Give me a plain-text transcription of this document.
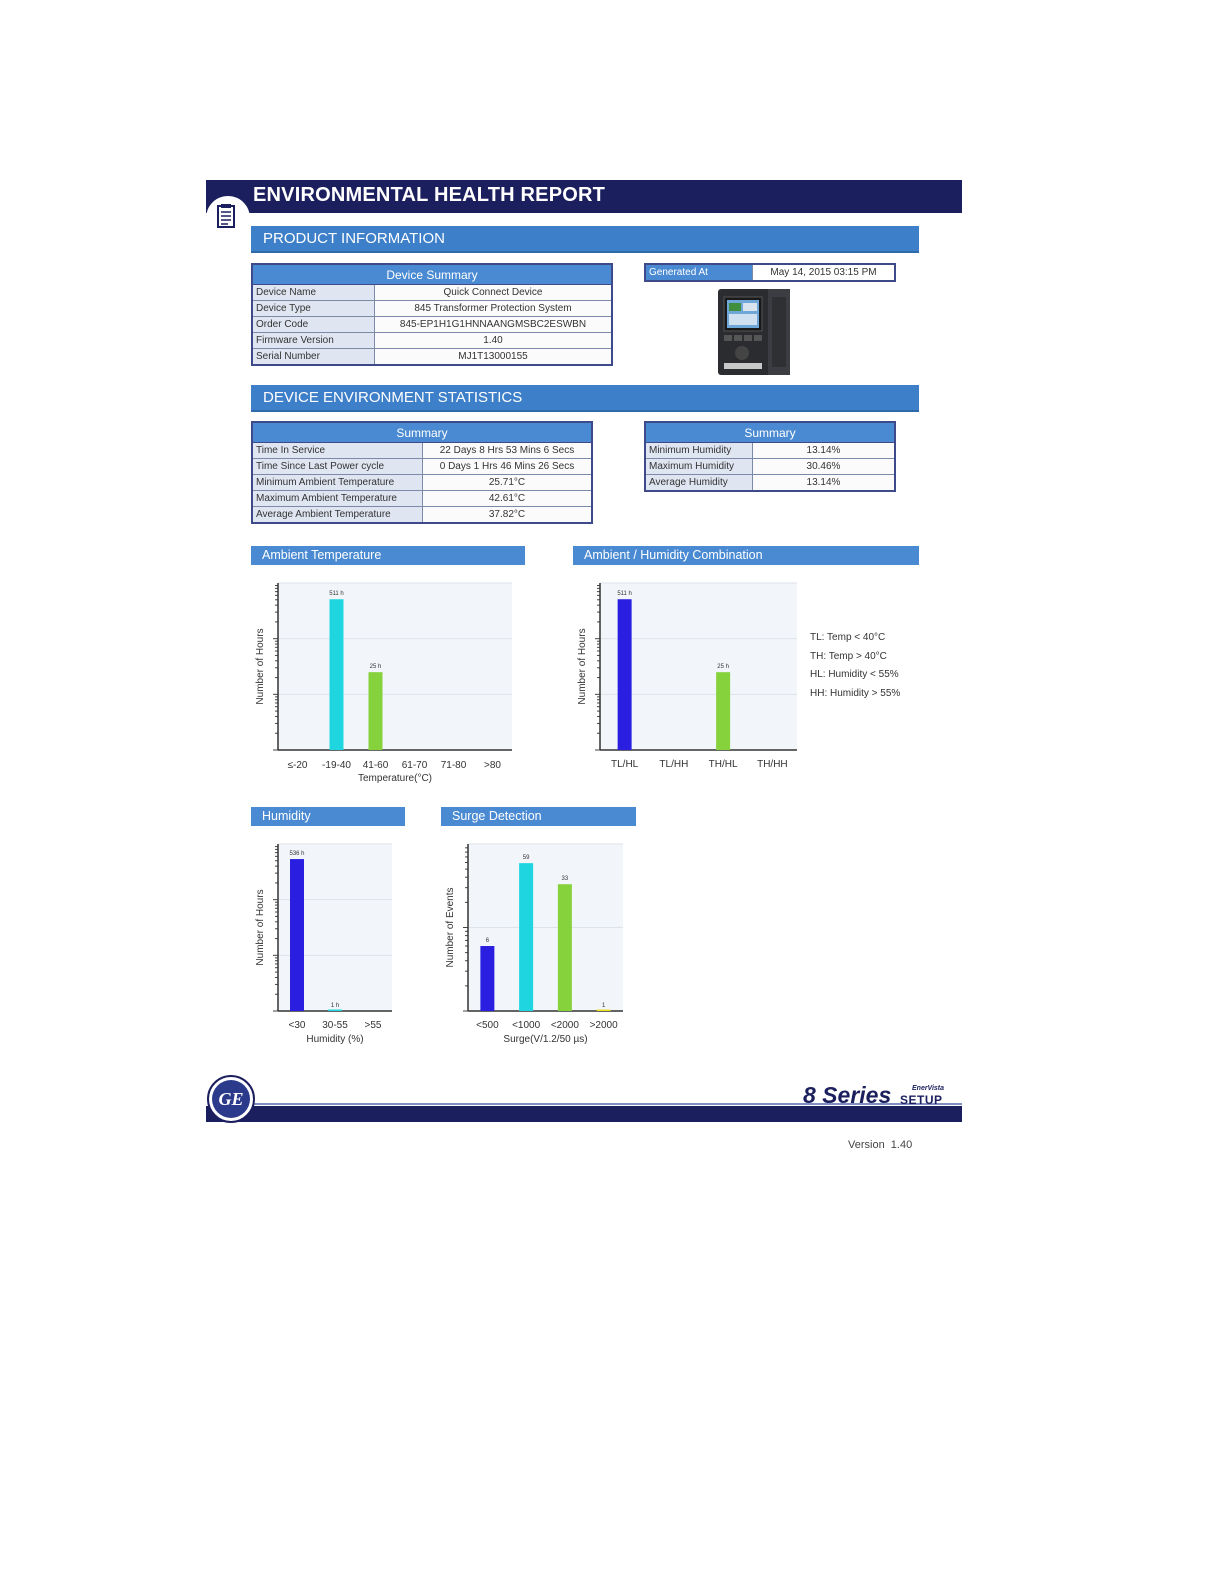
ENVIRONMENTAL HEALTH REPORT
PRODUCT INFORMATION
Device Summary	
Device Name	Quick Connect Device
Device Type	845 Transformer Protection System
Order Code	845-EP1H1G1HNNAANGMSBC2ESWBN
Firmware Version	1.40
Serial Number	MJ1T13000155
Generated At	May 14, 2015 03:15 PM
DEVICE ENVIRONMENT STATISTICS
Summary	
Time In Service	22 Days 8 Hrs 53 Mins 6 Secs
Time Since Last Power cycle	0 Days 1 Hrs 46 Mins 26 Secs
Minimum Ambient Temperature	25.71°C
Maximum Ambient Temperature	42.61°C
Average Ambient Temperature	37.82°C
Summary	
Minimum Humidity	13.14%
Maximum Humidity	30.46%
Average Humidity	13.14%
Ambient Temperature	Ambient / Humidity Combination
Humidity	Surge Detection
≤-20
511 h
-19-40
25 h
41-60 61-70 71-80 >80
Temperature(°C)
Number of Hours
511 h
TL/HL TL/HH
25 h
TH/HL TH/HH
Number of Hours
536 h
<30
1 h
30-55 >55
Humidity (%)
Number of Hours	6
<500
59
<1000
33
<2000
1
>2000
Surge(V/1.2/50 µs)
Number of Events
TL: Temp < 40°C
TH: Temp > 40°C
HL: Humidity < 55%
HH: Humidity > 55%
GE	8 Series	EnerVista
SETUP
Version  1.40
